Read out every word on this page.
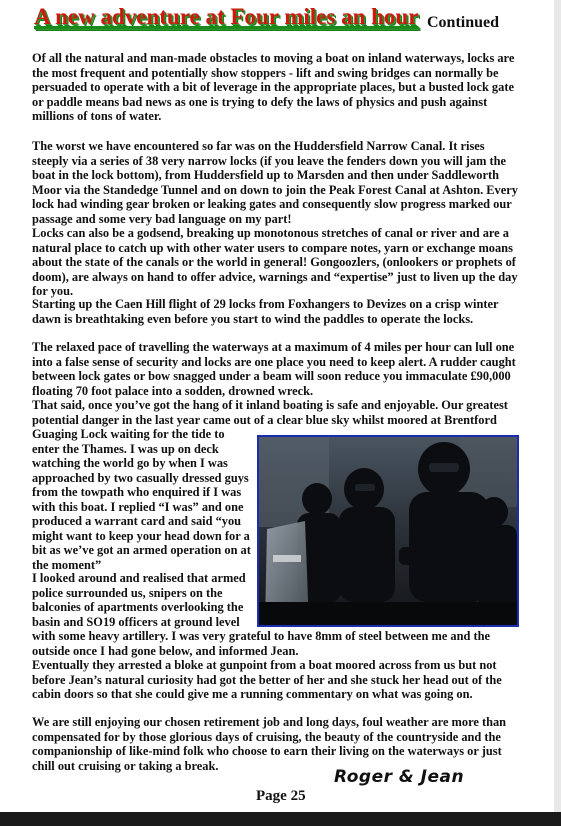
A new adventure at Four miles an hour Continued

Of all the natural and man-made obstacles to moving a boat on inland waterways, locks are the most frequent and potentially show stoppers - lift and swing bridges can normally be persuaded to operate with a bit of leverage in the appropriate places, but a busted lock gate or paddle means bad news as one is trying to defy the laws of physics and push against millions of tons of water.

The worst we have encountered so far was on the Huddersfield Narrow Canal. It rises steeply via a series of 38 very narrow locks (if you leave the fenders down you will jam the boat in the lock bottom), from Huddersfield up to Marsden and then under Saddleworth Moor via the Standedge Tunnel and on down to join the Peak Forest Canal at Ashton. Every lock had winding gear broken or leaking gates and consequently slow progress marked our passage and some very bad language on my part!

Locks can also be a godsend, breaking up monotonous stretches of canal or river and are a natural place to catch up with other water users to compare notes, yarn or exchange moans about the state of the canals or the world in general! Gongoozlers, (onlookers or prophets of doom), are always on hand to offer advice, warnings and “expertise” just to liven up the day for you.

Starting up the Caen Hill flight of 29 locks from Foxhangers to Devizes on a crisp winter dawn is breathtaking even before you start to wind the paddles to operate the locks.

The relaxed pace of travelling the waterways at a maximum of 4 miles per hour can lull one into a false sense of security and locks are one place you need to keep alert. A rudder caught between lock gates or bow snagged under a beam will soon reduce you immaculate £90,000 floating 70 foot palace into a sodden, drowned wreck.

That said, once you’ve got the hang of it inland boating is safe and enjoyable. Our greatest potential danger in the last year came out of a clear blue sky whilst moored at Brentford

Guaging Lock waiting for the tide to enter the Thames. I was up on deck watching the world go by when I was approached by two casually dressed guys from the towpath who enquired if I was with this boat. I replied “I was” and one produced a warrant card and said “you might want to keep your head down for a bit as we’ve got an armed operation on at the moment”

I looked around and realised that armed police surrounded us, snipers on the balconies of apartments overlooking the basin and SO19 officers at ground level

with some heavy artillery. I was very grateful to have 8mm of steel between me and the outside once I had gone below, and informed Jean.

Eventually they arrested a bloke at gunpoint from a boat moored across from us but not before Jean’s natural curiosity had got the better of her and she stuck her head out of the cabin doors so that she could give me a running commentary on what was going on.

We are still enjoying our chosen retirement job and long days, foul weather are more than compensated for by those glorious days of cruising, the beauty of the countryside and the companionship of like-mind folk who choose to earn their living on the waterways or just chill out cruising or taking a break.

Roger & Jean
Page 25
